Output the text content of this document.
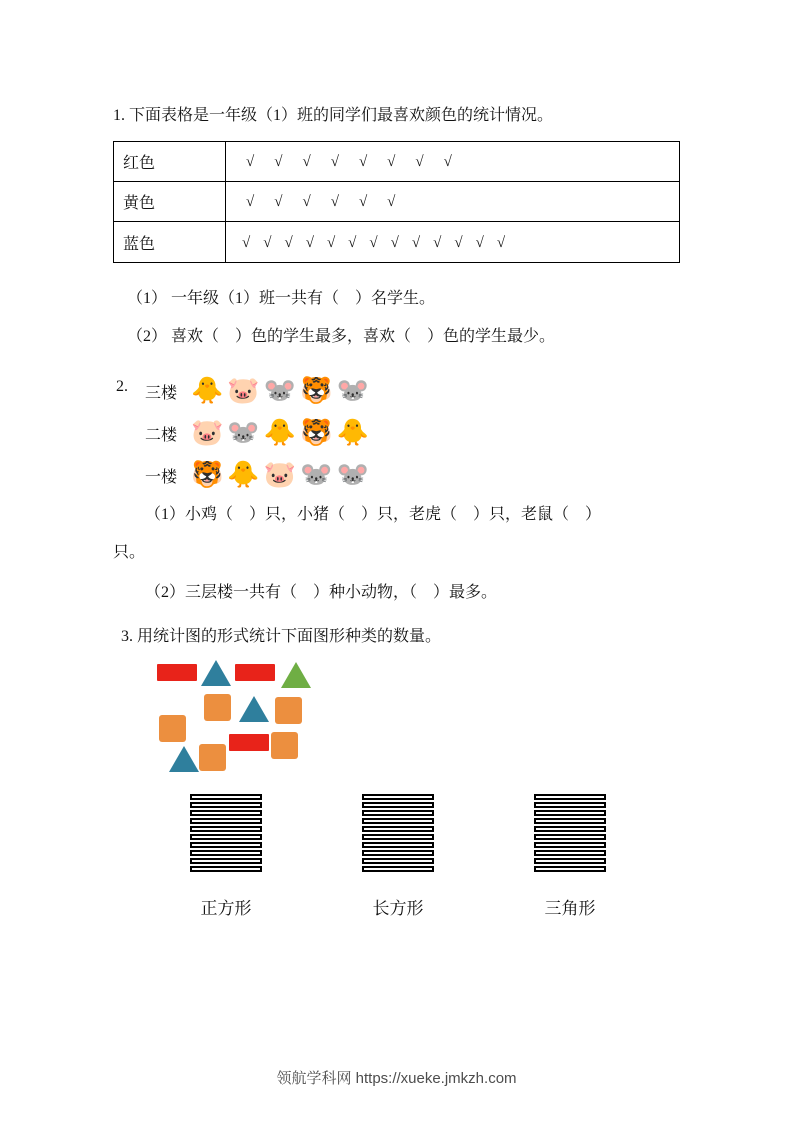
1. 下面表格是一年级（1）班的同学们最喜欢颜色的统计情况。
红色	√ √ √ √ √ √ √ √
黄色	√ √ √ √ √ √
蓝色	√ √ √ √ √ √ √ √ √ √ √ √ √
（1） 一年级（1）班一共有（　）名学生。
（2） 喜欢（　）色的学生最多，喜欢（　）色的学生最少。
2. 三楼 🐥 🐷 🐭 🐯 🐭
二楼 🐷 🐭 🐥 🐯 🐥
一楼 🐯 🐥 🐷 🐭 🐭
（1）小鸡（　）只，小猪（　）只，老虎（　）只，老鼠（　）
只。
（2）三层楼一共有（　）种小动物，（　）最多。
3. 用统计图的形式统计下面图形种类的数量。
正方形	长方形	三角形
领航学科网 https://xueke.jmkzh.com
